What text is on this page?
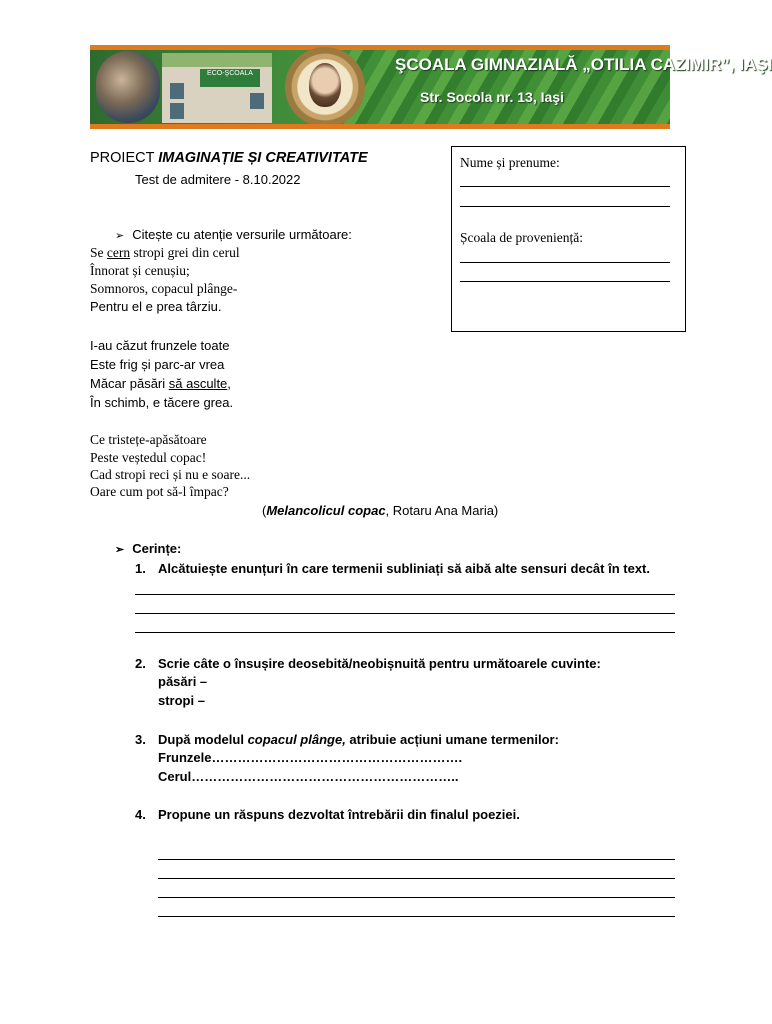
ECO-ŞCOALA	ŞCOALA GIMNAZIALĂ „OTILIA CAZIMIR”, IAŞI
Str. Socola nr. 13, Iaşi
PROIECT IMAGINAȚIE ȘI CREATIVITATE
Test de admitere - 8.10.2022
Nume și prenume:
Școala de proveniență:
➢ Citește cu atenție versurile următoare:
Se cern stropi grei din cerul
Înnorat și cenușiu;
Somnoros, copacul plânge-
Pentru el e prea târziu.
I-au căzut frunzele toate
Este frig și parc-ar vrea
Măcar păsări să asculte,
În schimb, e tăcere grea.
Ce tristețe-apăsătoare
Peste veștedul copac!
Cad stropi reci și nu e soare...
Oare cum pot să-l împac?
(Melancolicul copac, Rotaru Ana Maria)
➢ Cerințe:
1. Alcătuiește enunțuri în care termenii subliniați să aibă alte sensuri decât în text.
2. Scrie câte o însușire deosebită/neobișnuită pentru următoarele cuvinte:
păsări –
stropi –
3. După modelul copacul plânge, atribuie acțiuni umane termenilor:
Frunzele………………………………………………….
Cerul……………………………………………………..
4. Propune un răspuns dezvoltat întrebării din finalul poeziei.
